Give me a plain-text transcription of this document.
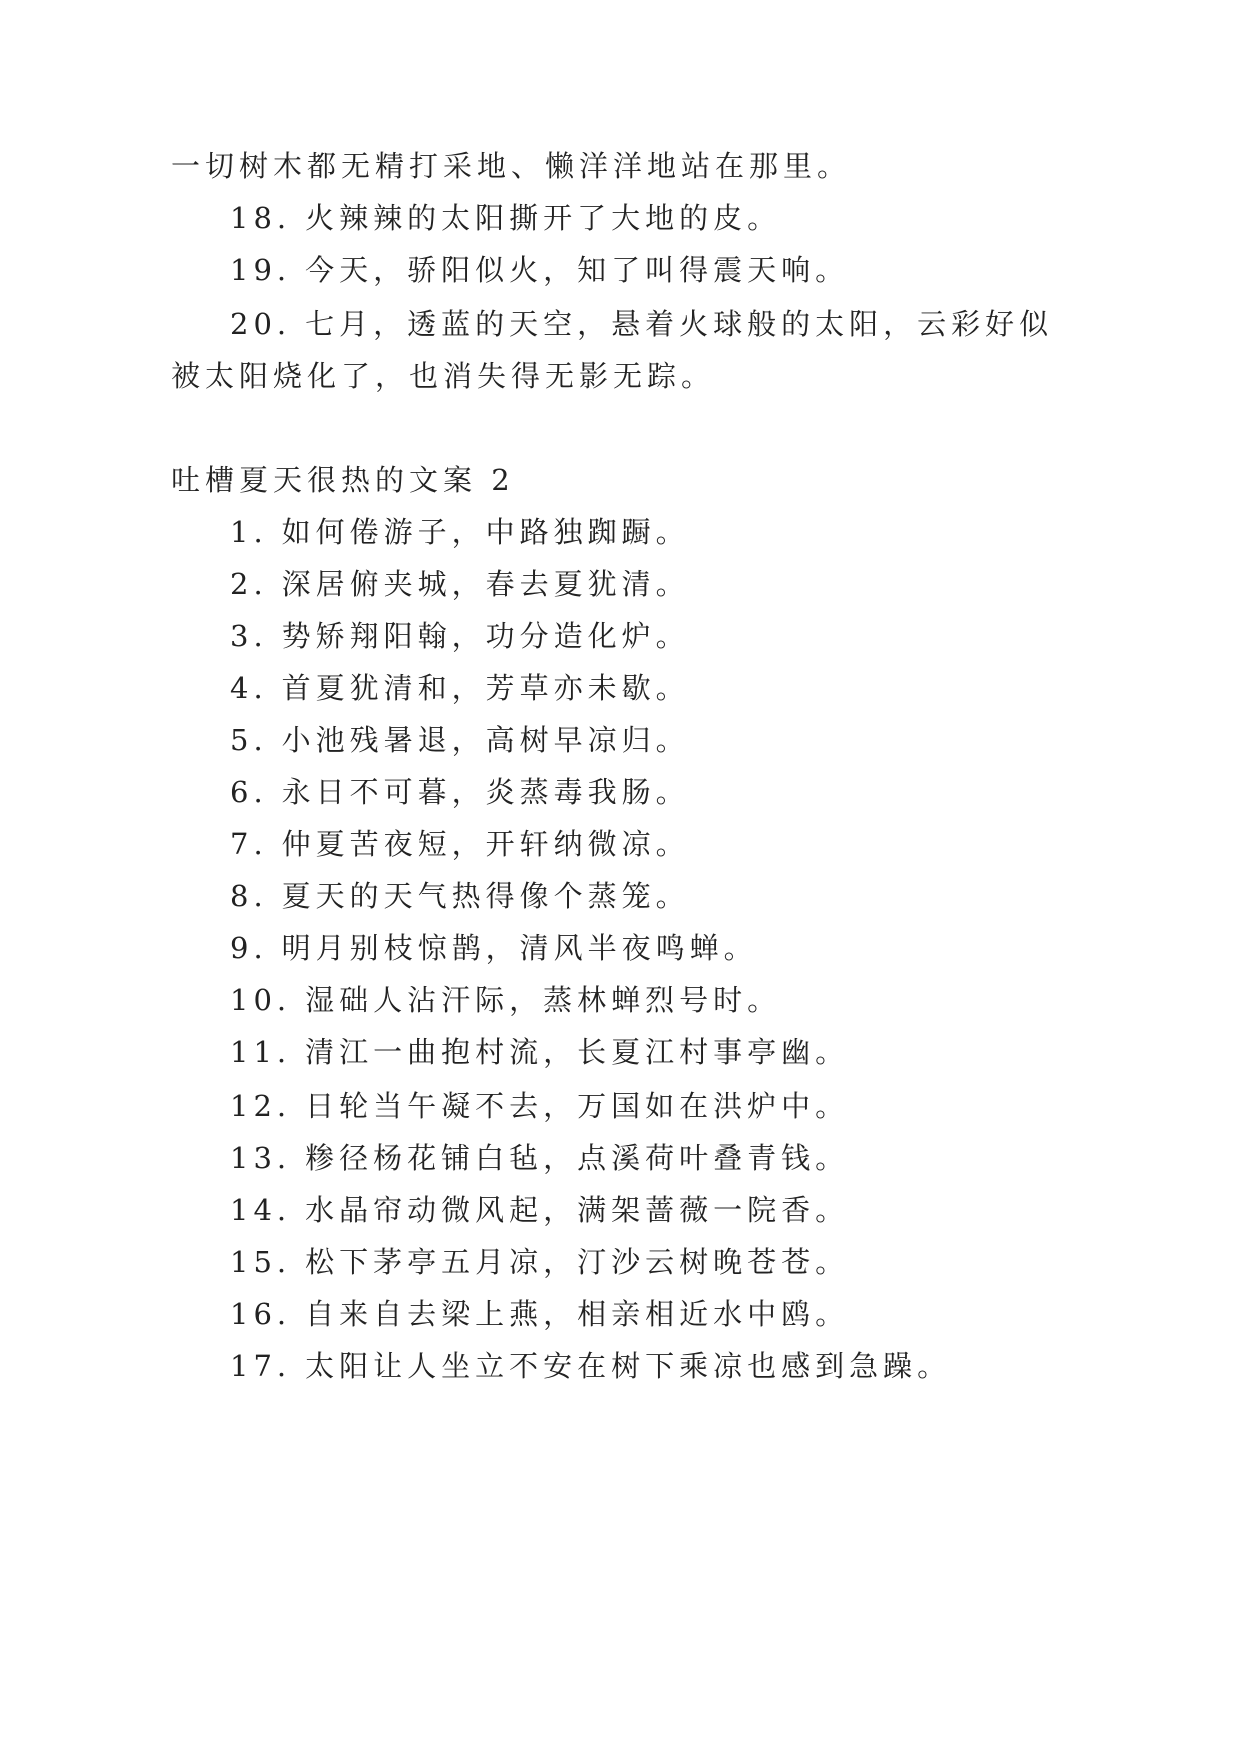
一切树木都无精打采地、懒洋洋地站在那里。
18. 火辣辣的太阳撕开了大地的皮。
19. 今天，骄阳似火，知了叫得震天响。
20. 七月，透蓝的天空，悬着火球般的太阳，云彩好似
被太阳烧化了，也消失得无影无踪。
吐槽夏天很热的文案 2
1. 如何倦游子，中路独踟蹰。
2. 深居俯夹城，春去夏犹清。
3. 势矫翔阳翰，功分造化炉。
4. 首夏犹清和，芳草亦未歇。
5. 小池残暑退，高树早凉归。
6. 永日不可暮，炎蒸毒我肠。
7. 仲夏苦夜短，开轩纳微凉。
8. 夏天的天气热得像个蒸笼。
9. 明月别枝惊鹊，清风半夜鸣蝉。
10. 湿础人沾汗际，蒸林蝉烈号时。
11. 清江一曲抱村流，长夏江村事亭幽。
12. 日轮当午凝不去，万国如在洪炉中。
13. 糁径杨花铺白毡，点溪荷叶叠青钱。
14. 水晶帘动微风起，满架蔷薇一院香。
15. 松下茅亭五月凉，汀沙云树晚苍苍。
16. 自来自去梁上燕，相亲相近水中鸥。
17. 太阳让人坐立不安在树下乘凉也感到急躁。
